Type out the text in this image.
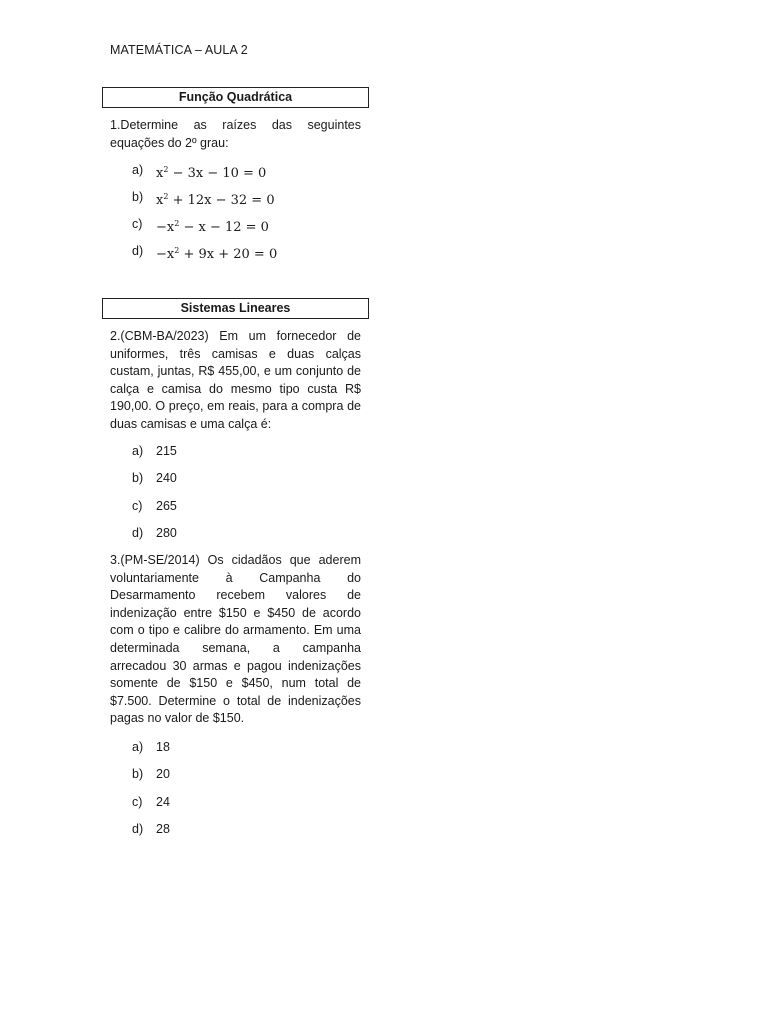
MATEMÁTICA – AULA 2
Função Quadrática
1.Determine as raízes das seguintes
equações do 2º grau:
a) $x^2 - 3x - 10 = 0$
b) $x^2 + 12x - 32 = 0$
c)	$-x^2 - x - 12 = 0$
$d) -x^2 + 9x + 20 = 0$
Sistemas Lineares
2.(CBM-BA/2023) Em um fornecedor de
uniformes, três camisas e duas calças
custam, juntas, R$ 455,00, e um conjunto de
calça e camisa do mesmo tipo custa R$
190,00. O preço, em reais, para a compra de
duas camisas e uma calça é:
a)	215
b)	240
c)	265
d)	280
3.(PM-SE/2014) Os cidadãos que aderem
voluntariamente à Campanha do
Desarmamento recebem valores de
indenização entre $150 e $450 de acordo
com o tipo e calibre do armamento. Em uma
determinada semana, a campanha
arrecadou 30 armas e pagou indenizações
somente de $150 e $450, num total de
$7.500. Determine o total de indenizações
pagas no valor de $150.
a)	18
b)	20
c)	24
d)	28
